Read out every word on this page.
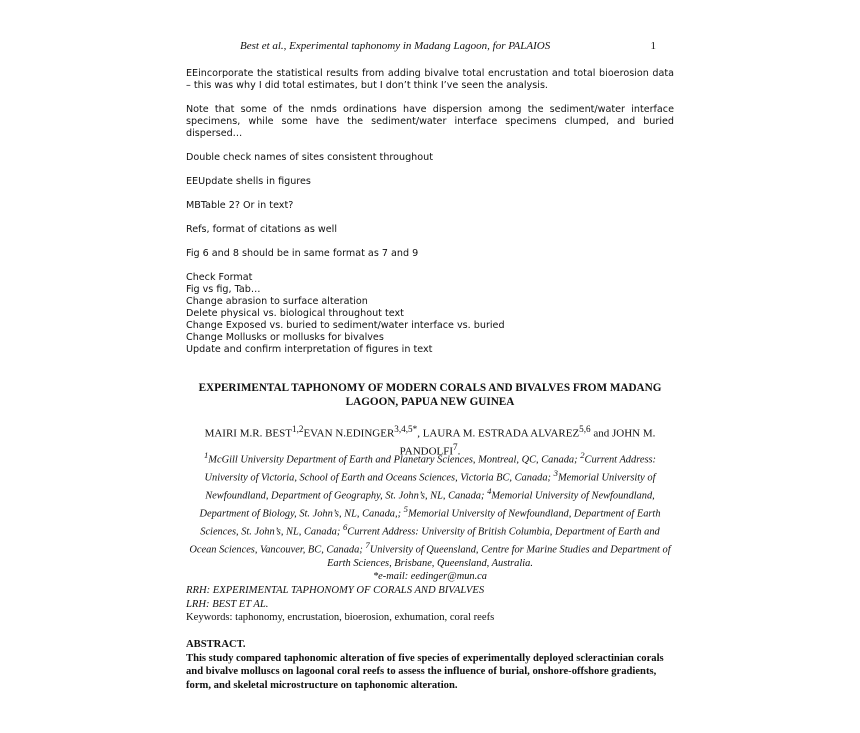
Best et al., Experimental taphonomy in Madang Lagoon, for PALAIOS	1

EEincorporate the statistical results from adding bivalve total encrustation and total bioerosion data – this was why I did total estimates, but I don’t think I’ve seen the analysis.

Note that some of the nmds ordinations have dispersion among the sediment/water interface specimens, while some have the sediment/water interface specimens clumped, and buried dispersed…

Double check names of sites consistent throughout

EEUpdate shells in figures

MBTable 2? Or in text?

Refs, format of citations as well

Fig 6 and 8 should be in same format as 7 and 9

Check Format
Fig vs fig, Tab…
Change abrasion to surface alteration
Delete physical vs. biological throughout text
Change Exposed vs. buried to sediment/water interface vs. buried
Change Mollusks or mollusks for bivalves
Update and confirm interpretation of figures in text
EXPERIMENTAL TAPHONOMY OF MODERN CORALS AND BIVALVES FROM MADANG LAGOON, PAPUA NEW GUINEA
MAIRI M.R. BEST$^{1,2}$EVAN $N.EDINGER^{3,4,5*}$, LAURA M. ESTRADA ALVAREZ$^{5,6}$ and JOHN M. PANDOLFI$^7$.
$^1$McGill University Department of Earth and Planetary Sciences, Montreal, QC, Canada; $^2$Current Address: University of Victoria, School of Earth and Oceans Sciences, Victoria BC, Canada; $^3$Memorial University of Newfoundland, Department of Geography, St. John’s, NL, Canada; $^4$Memorial University of Newfoundland, Department of Biology, St. John’s, NL, Canada,; $^5$Memorial University of Newfoundland, Department of Earth Sciences, St. John’s, NL, Canada; $^6$Current Address: University of British Columbia, Department of Earth and Ocean Sciences, Vancouver, BC, Canada; $^7$University of Queensland, Centre for Marine Studies and Department of Earth Sciences, Brisbane, Queensland, Australia.
*e-mail: eedinger@mun.ca
RRH: EXPERIMENTAL TAPHONOMY OF CORALS AND BIVALVES
LRH: BEST ET AL.
Keywords: taphonomy, encrustation, bioerosion, exhumation, coral reefs
ABSTRACT.
This study compared taphonomic alteration of five species of experimentally deployed scleractinian corals and bivalve molluscs on lagoonal coral reefs to assess the influence of burial, onshore-offshore gradients, form, and skeletal microstructure on taphonomic alteration.
